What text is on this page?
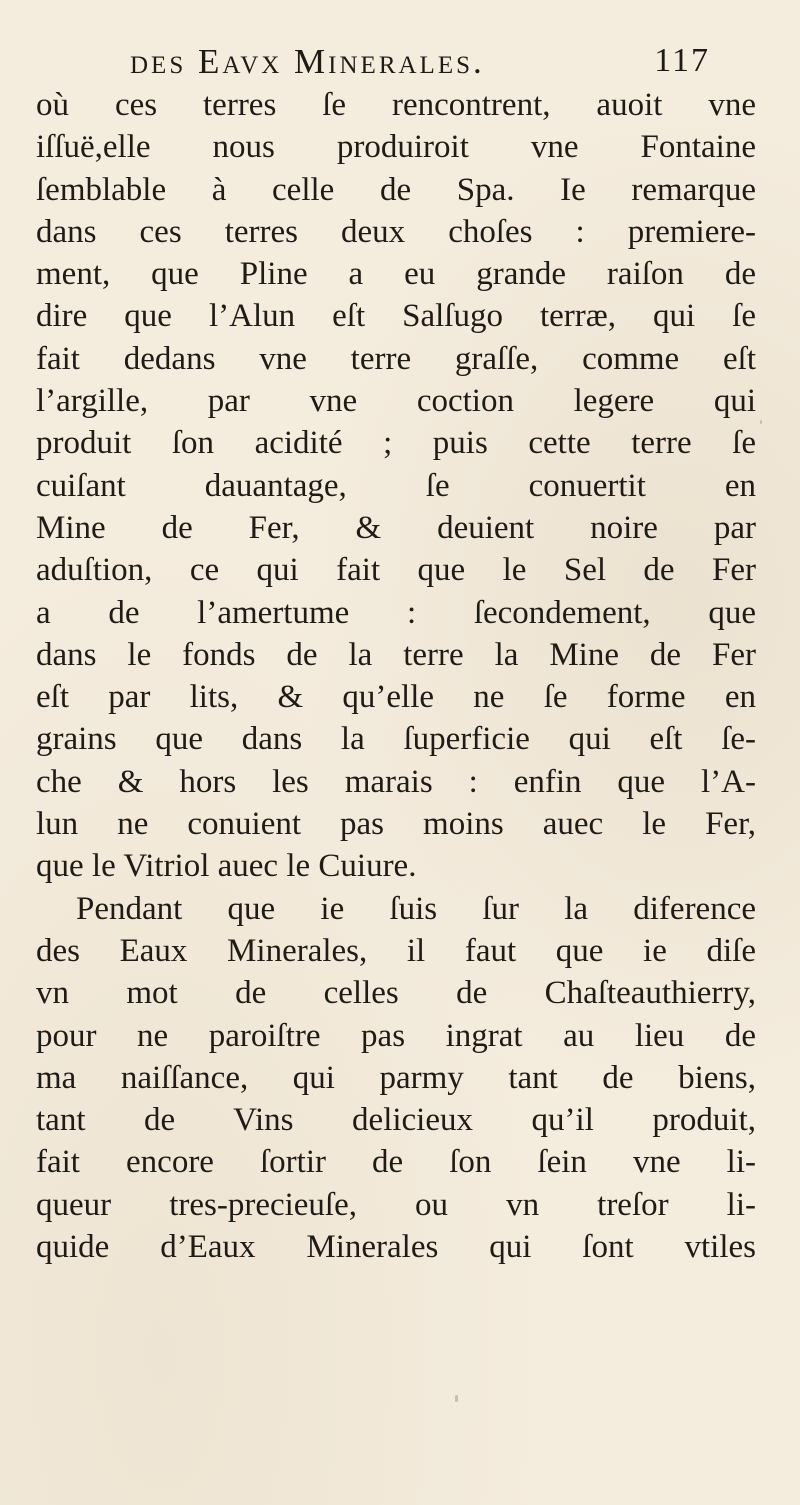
des Eavx Minerales.	117
où ces terres ſe rencontrent, auoit vne
iſſuë,elle nous produiroit vne Fontaine
ſemblable à celle de Spa. Ie remarque
dans ces terres deux choſes : premiere-
ment, que Pline a eu grande raiſon de
dire que l’Alun eſt Salſugo terræ, qui ſe
fait dedans vne terre graſſe, comme eſt
l’argille, par vne coction legere qui
produit ſon acidité ; puis cette terre ſe
cuiſant dauantage, ſe conuertit en
Mine de Fer, & deuient noire par
aduſtion, ce qui fait que le Sel de Fer
a de l’amertume : ſecondement, que
dans le fonds de la terre la Mine de Fer
eſt par lits, & qu’elle ne ſe forme en
grains que dans la ſuperficie qui eſt ſe-
che & hors les marais : enfin que l’A-
lun ne conuient pas moins auec le Fer,
que le Vitriol auec le Cuiure.
Pendant que ie ſuis ſur la diference
des Eaux Minerales, il faut que ie diſe
vn mot de celles de Chaſteauthierry,
pour ne paroiſtre pas ingrat au lieu de
ma naiſſance, qui parmy tant de biens,
tant de Vins delicieux qu’il produit,
fait encore ſortir de ſon ſein vne li-
queur tres-precieuſe, ou vn treſor li-
quide d’Eaux Minerales qui ſont vtiles
